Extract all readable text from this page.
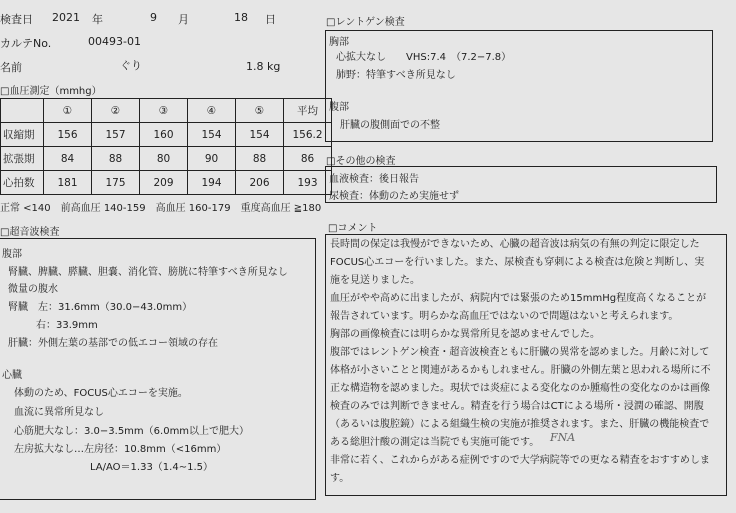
検査日 2021 年	9 月	18 日
カルテNo.	00493-01
名前	ぐり	1.8 kg
□血圧測定（mmhg）
	①	②	③	④	⑤	平均
収縮期	156	157	160	154	154	156.2
拡張期	84	88	80	90	88	86
心拍数	181	175	209	194	206	193
正常 <140　前高血圧 140-159　高血圧 160-179　重度高血圧 ≧180
□超音波検査
腹部
腎臓、脾臓、膵臓、胆嚢、消化管、膀胱に特筆すべき所見なし
微量の腹水
腎臓　左：31.6mm（30.0−43.0mm）
右：33.9mm
肝臓：外側左葉の基部での低エコー領域の存在
心臓
体動のため、FOCUS心エコーを実施。
血流に異常所見なし
心筋肥大なし：3.0−3.5mm（6.0mm以上で肥大）
左房拡大なし…左房径：10.8mm（<16mm）
LA/AO＝1.33（1.4∼1.5）
□レントゲン検査
胸部
心拡大なし　　VHS:7.4　（7.2−7.8）
肺野：特筆すべき所見なし
腹部
肝臓の腹側面での不整
□その他の検査
血液検査：後日報告
尿検査：体動のため実施せず
□コメント
長時間の保定は我慢ができないため、心臓の超音波は病気の有無の判定に限定した
FOCUS心エコーを行いました。また、尿検査も穿刺による検査は危険と判断し、実
施を見送りました。
血圧がやや高めに出ましたが、病院内では緊張のため15mmHg程度高くなることが
報告されています。明らかな高血圧ではないので問題はないと考えられます。
胸部の画像検査には明らかな異常所見を認めませんでした。
腹部ではレントゲン検査・超音波検査ともに肝臓の異常を認めました。月齢に対して
体格が小さいことと関連があるかもしれません。肝臓の外側左葉と思われる場所に不
正な構造物を認めました。現状では炎症による変化なのか腫瘍性の変化なのかは画像
検査のみでは判断できません。精査を行う場合はCTによる場所・浸潤の確認、開腹
（あるいは腹腔鏡）による組織生検の実施が推奨されます。また、肝臓の機能検査で
ある総胆汁酸の測定は当院でも実施可能です。 FNA
非常に若く、これからがある症例ですので大学病院等での更なる精査をおすすめしま
す。
